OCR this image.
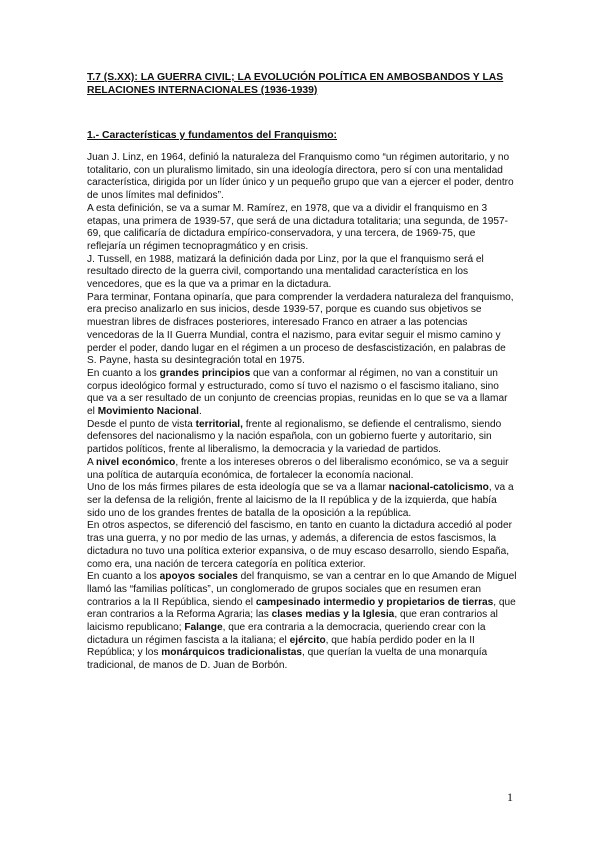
T.7 (S.XX): LA GUERRA CIVIL; LA EVOLUCIÓN POLÍTICA EN AMBOSBANDOS Y LAS RELACIONES INTERNACIONALES (1936-1939)
1.- Características y fundamentos del Franquismo:

Juan J. Linz, en 1964, definió la naturaleza del Franquismo como “un régimen autoritario, y no totalitario, con un pluralismo limitado, sin una ideología directora, pero sí con una mentalidad característica, dirigida por un líder único y un pequeño grupo que van a ejercer el poder, dentro de unos límites mal definidos”.

A esta definición, se va a sumar M. Ramírez, en 1978, que va a dividir el franquismo en 3 etapas, una primera de 1939-57, que será de una dictadura totalitaria; una segunda, de 1957-69, que calificaría de dictadura empírico-conservadora, y una tercera, de 1969-75, que reflejaría un régimen tecnopragmático y en crisis.

J. Tussell, en 1988, matizará la definición dada por Linz, por la que el franquismo será el resultado directo de la guerra civil, comportando una mentalidad característica en los vencedores, que es la que va a primar en la dictadura.

Para terminar, Fontana opinaría, que para comprender la verdadera naturaleza del franquismo, era preciso analizarlo en sus inicios, desde 1939-57, porque es cuando sus objetivos se muestran libres de disfraces posteriores, interesado Franco en atraer a las potencias vencedoras de la II Guerra Mundial, contra el nazismo, para evitar seguir el mismo camino y perder el poder, dando lugar en el régimen a un proceso de desfascistización, en palabras de S. Payne, hasta su desintegración total en 1975.

En cuanto a los grandes principios que van a conformar al régimen, no van a constituir un corpus ideológico formal y estructurado, como sí tuvo el nazismo o el fascismo italiano, sino que va a ser resultado de un conjunto de creencias propias, reunidas en lo que se va a llamar el Movimiento Nacional.

Desde el punto de vista territorial, frente al regionalismo, se defiende el centralismo, siendo defensores del nacionalismo y la nación española, con un gobierno fuerte y autoritario, sin partidos políticos, frente al liberalismo, la democracia y la variedad de partidos.

A nivel económico, frente a los intereses obreros o del liberalismo económico, se va a seguir una política de autarquía económica, de fortalecer la economía nacional.

Uno de los más firmes pilares de esta ideología que se va a llamar nacional-catolicismo, va a ser la defensa de la religión, frente al laicismo de la II república y de la izquierda, que había sido uno de los grandes frentes de batalla de la oposición a la república.

En otros aspectos, se diferenció del fascismo, en tanto en cuanto la dictadura accedió al poder tras una guerra, y no por medio de las urnas, y además, a diferencia de estos fascismos, la dictadura no tuvo una política exterior expansiva, o de muy escaso desarrollo, siendo España, como era, una nación de tercera categoría en política exterior.

En cuanto a los apoyos sociales del franquismo, se van a centrar en lo que Amando de Miguel llamó las “familias políticas”, un conglomerado de grupos sociales que en resumen eran contrarios a la II República, siendo el campesinado intermedio y propietarios de tierras, que eran contrarios a la Reforma Agraria; las clases medias y la Iglesia, que eran contrarios al laicismo republicano; Falange, que era contraria a la democracia, queriendo crear con la dictadura un régimen fascista a la italiana; el ejército, que había perdido poder en la II República; y los monárquicos tradicionalistas, que querían la vuelta de una monarquía tradicional, de manos de D. Juan de Borbón.

1
